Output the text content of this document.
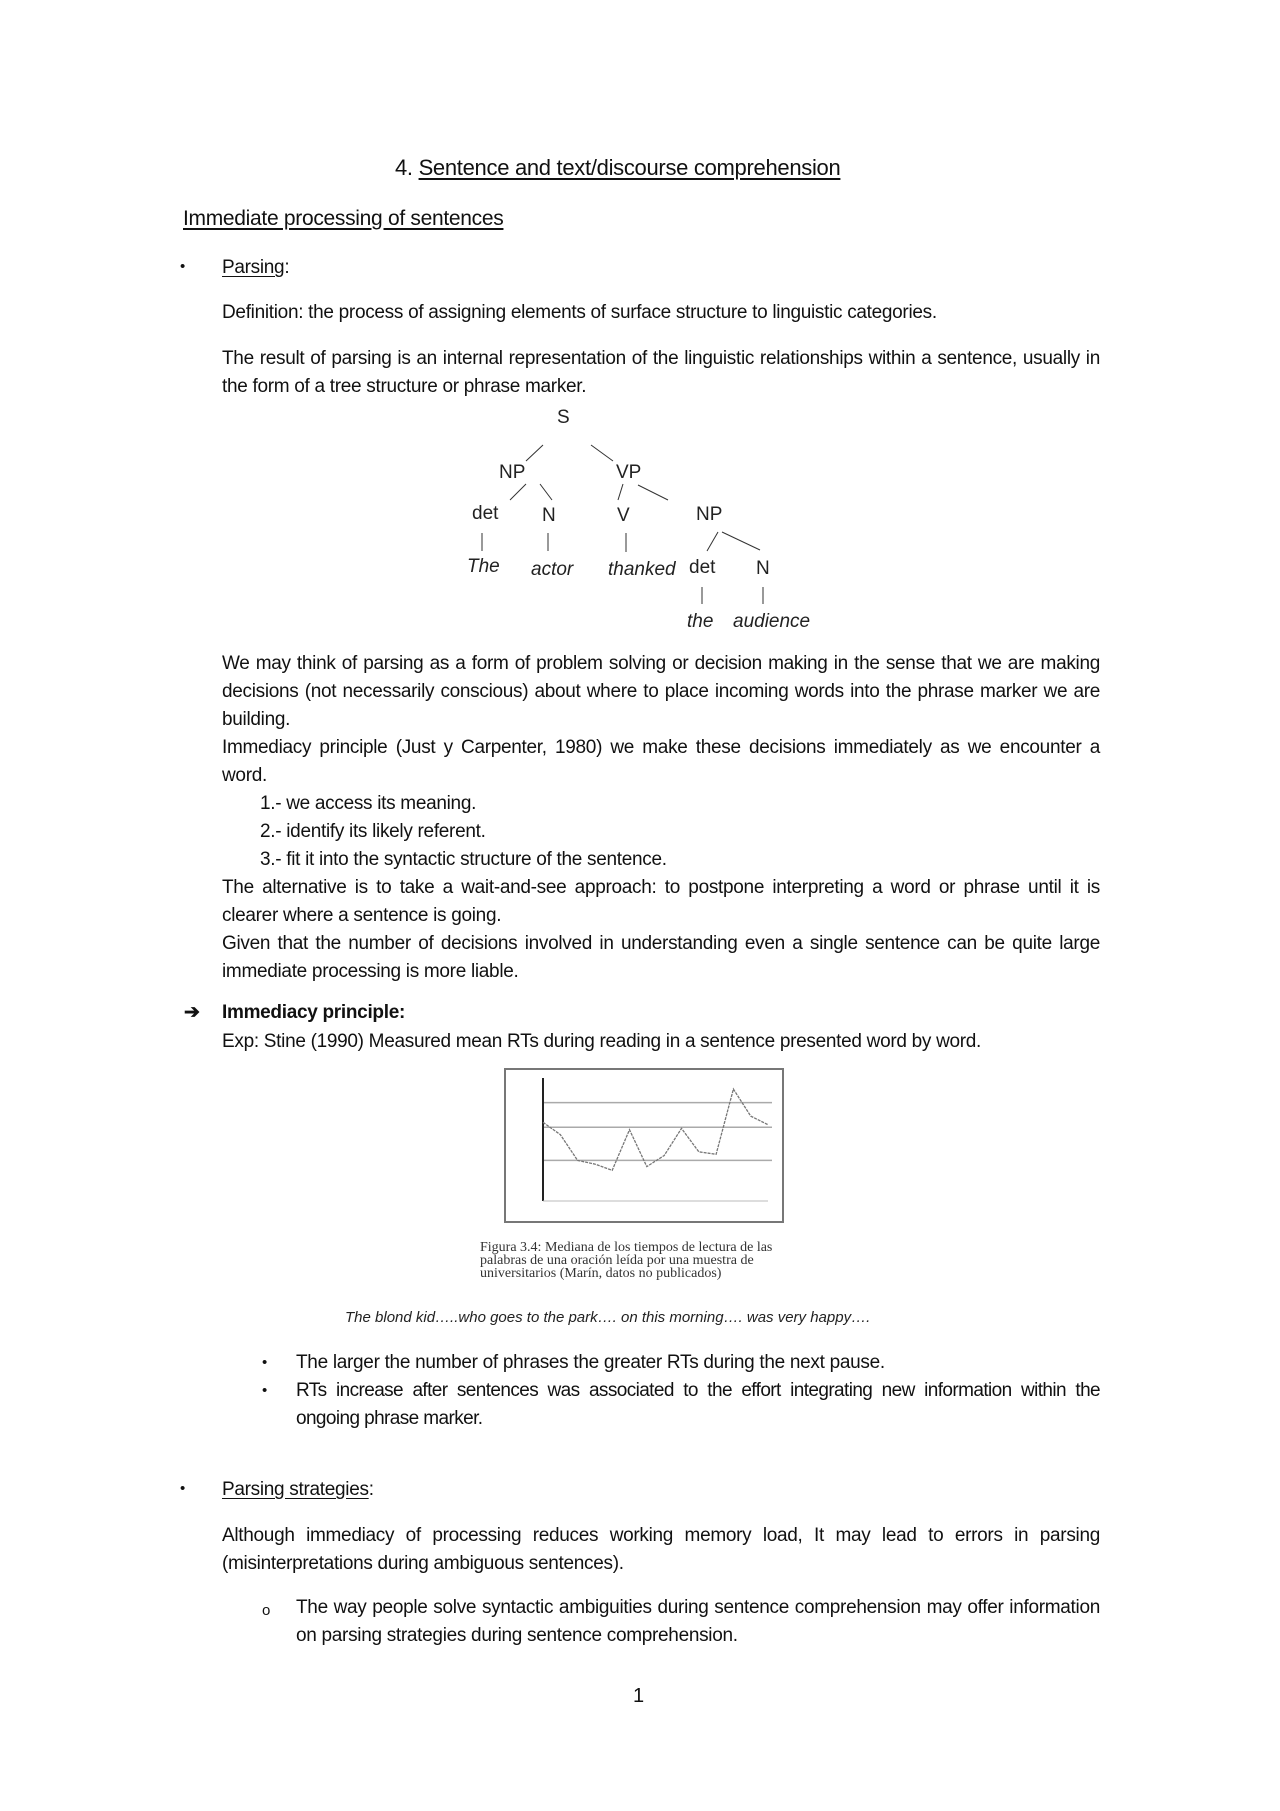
4. Sentence and text/discourse comprehension
Immediate processing of sentences
• Parsing:
Definition: the process of assigning elements of surface structure to linguistic categories.
The result of parsing is an internal representation of the linguistic relationships within a sentence, usually in the form of a tree structure or phrase marker.
S
NP	VP
det N	V	NP
The actor thanked det N
the audience
We may think of parsing as a form of problem solving or decision making in the sense that we are making decisions (not necessarily conscious) about where to place incoming words into the phrase marker we are building.
Immediacy principle (Just y Carpenter, 1980) we make these decisions immediately as we encounter a word.
1.- we access its meaning.
2.- identify its likely referent.
3.- fit it into the syntactic structure of the sentence.
The alternative is to take a wait-and-see approach: to postpone interpreting a word or phrase until it is clearer where a sentence is going.
Given that the number of decisions involved in understanding even a single sentence can be quite large immediate processing is more liable.
➔ Immediacy principle:
Exp: Stine (1990) Measured mean RTs during reading in a sentence presented word by word.
Figura 3.4: Mediana de los tiempos de lectura de las palabras de una oración leída por una muestra de universitarios (Marín, datos no publicados)
The blond kid…..who goes to the park…. on this morning…. was very happy….
• The larger the number of phrases the greater RTs during the next pause.
• RTs increase after sentences was associated to the effort integrating new information within the ongoing phrase marker.
• Parsing strategies:
Although immediacy of processing reduces working memory load, It may lead to errors in parsing (misinterpretations during ambiguous sentences).
o The way people solve syntactic ambiguities during sentence comprehension may offer information on parsing strategies during sentence comprehension.
1
